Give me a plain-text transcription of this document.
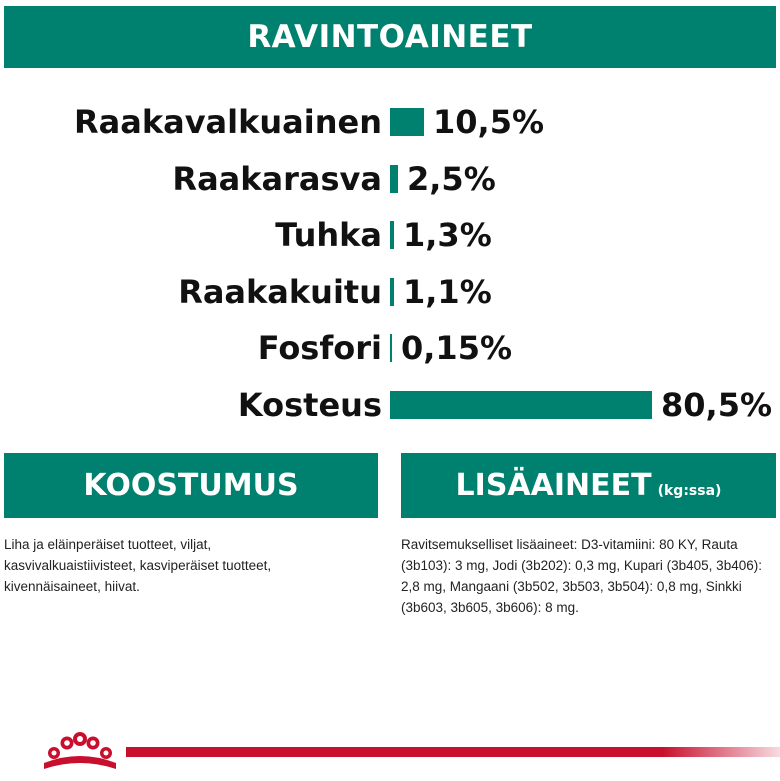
RAVINTOAINEET
Raakavalkuainen 10,5%
Raakarasva 2,5%
Tuhka 1,3%
Raakakuitu 1,1%
Fosfori 0,15%
Kosteus	80,5%
KOOSTUMUS
Liha ja eläinperäiset tuotteet, viljat, kasvivalkuaistiivisteet, kasviperäiset tuotteet, kivennäisaineet, hiivat.
LISÄAINEET (kg:ssa)
Ravitsemukselliset lisäaineet: D3-vitamiini: 80 KY, Rauta (3b103): 3 mg, Jodi (3b202): 0,3 mg, Kupari (3b405, 3b406): 2,8 mg, Mangaani (3b502, 3b503, 3b504): 0,8 mg, Sinkki (3b603, 3b605, 3b606): 8 mg.
